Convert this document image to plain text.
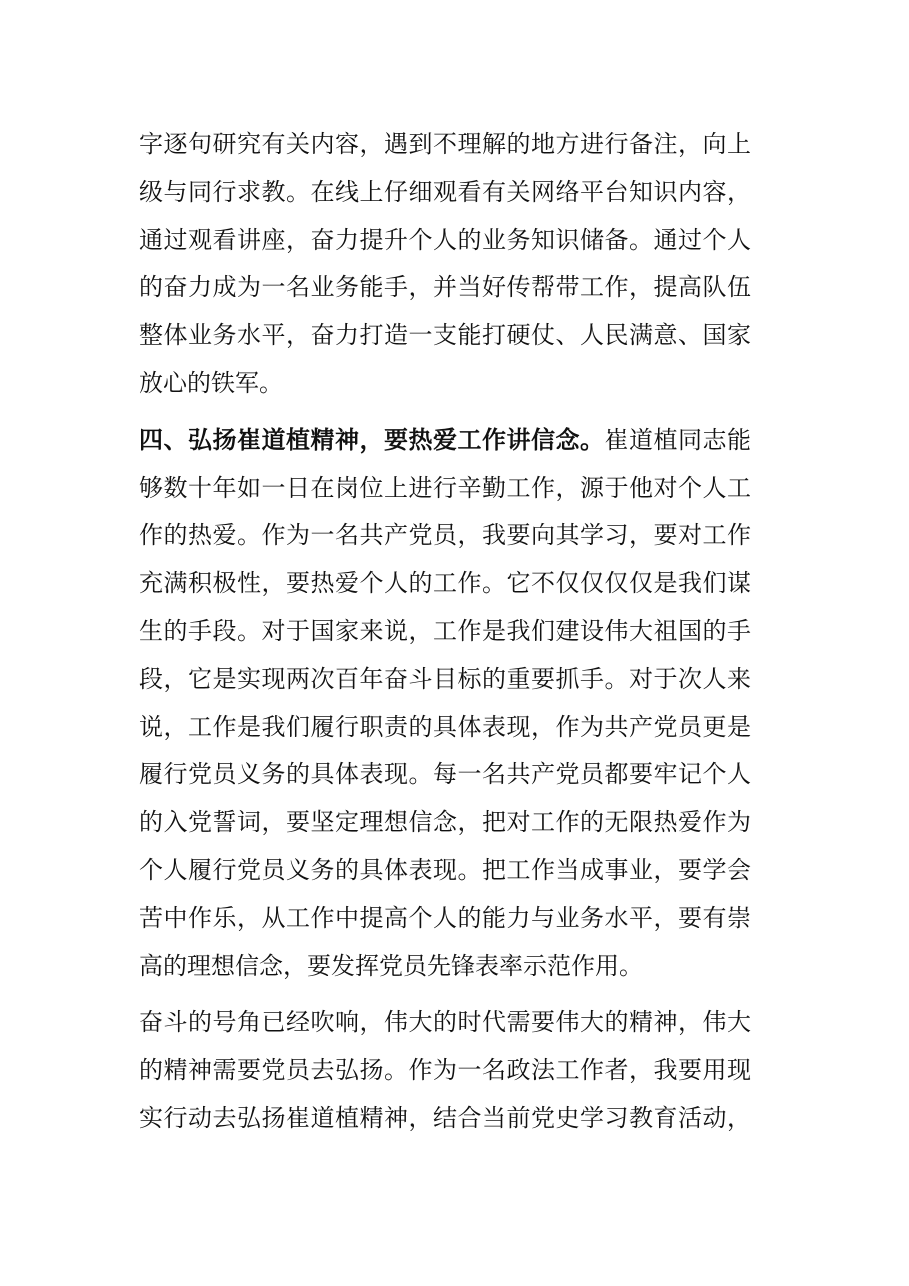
字逐句研究有关内容，遇到不理解的地方进行备注，向上
级与同行求教。在线上仔细观看有关网络平台知识内容，
通过观看讲座，奋力提升个人的业务知识储备。通过个人
的奋力成为一名业务能手，并当好传帮带工作，提高队伍
整体业务水平，奋力打造一支能打硬仗、人民满意、国家
放心的铁军。
四、弘扬崔道植精神，要热爱工作讲信念。崔道植同志能
够数十年如一日在岗位上进行辛勤工作，源于他对个人工
作的热爱。作为一名共产党员，我要向其学习，要对工作
充满积极性，要热爱个人的工作。它不仅仅仅仅是我们谋
生的手段。对于国家来说，工作是我们建设伟大祖国的手
段，它是实现两次百年奋斗目标的重要抓手。对于次人来
说，工作是我们履行职责的具体表现，作为共产党员更是
履行党员义务的具体表现。每一名共产党员都要牢记个人
的入党誓词，要坚定理想信念，把对工作的无限热爱作为
个人履行党员义务的具体表现。把工作当成事业，要学会
苦中作乐，从工作中提高个人的能力与业务水平，要有崇
高的理想信念，要发挥党员先锋表率示范作用。
奋斗的号角已经吹响，伟大的时代需要伟大的精神，伟大
的精神需要党员去弘扬。作为一名政法工作者，我要用现
实行动去弘扬崔道植精神，结合当前党史学习教育活动，
